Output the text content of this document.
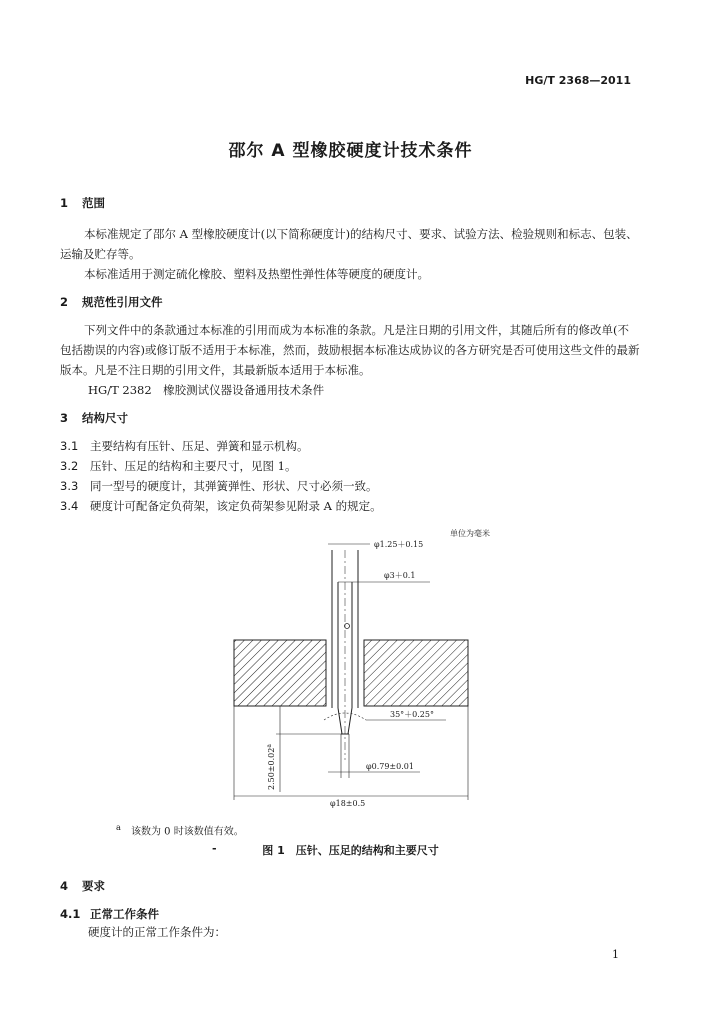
HG/T 2368—2011
邵尔 A 型橡胶硬度计技术条件
1 范围
本标准规定了邵尔 A 型橡胶硬度计(以下简称硬度计)的结构尺寸、要求、试验方法、检验规则和标志、包装、运输及贮存等。
本标准适用于测定硫化橡胶、塑料及热塑性弹性体等硬度的硬度计。
2 规范性引用文件
下列文件中的条款通过本标准的引用而成为本标准的条款。凡是注日期的引用文件，其随后所有的修改单(不包括勘误的内容)或修订版不适用于本标准，然而，鼓励根据本标准达成协议的各方研究是否可使用这些文件的最新版本。凡是不注日期的引用文件，其最新版本适用于本标准。
HG/T 2382　橡胶测试仪器设备通用技术条件
3 结构尺寸
3.1 主要结构有压针、压足、弹簧和显示机构。
3.2 压针、压足的结构和主要尺寸，见图 1。
3.3 同一型号的硬度计，其弹簧弹性、形状、尺寸必须一致。
3.4 硬度计可配备定负荷架，该定负荷架参见附录 A 的规定。
单位为毫米
φ1.25＋0.15
φ3＋0.1
35°＋0.25°
φ0.79±0.01
2.50±0.02$^a$
φ18±0.5
$^a$　 该数为 0 时该数值有效。
-	图 1　压针、压足的结构和主要尺寸
4 要求
4.1 正常工作条件
硬度计的正常工作条件为：
1
